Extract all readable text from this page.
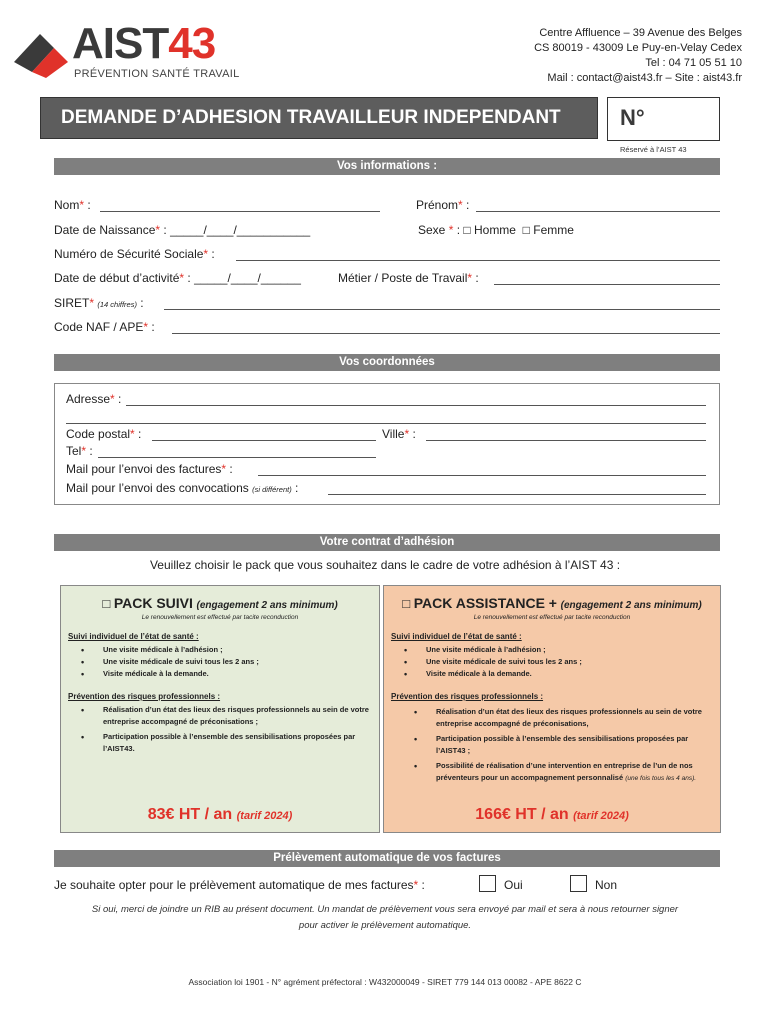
AIST43
PRÉVENTION SANTÉ TRAVAIL
Centre Affluence – 39 Avenue des Belges
CS 80019 - 43009 Le Puy-en-Velay Cedex
Tel : 04 71 05 51 10
Mail : contact@aist43.fr – Site : aist43.fr
DEMANDE D’ADHESION TRAVAILLEUR INDEPENDANT	N°
Réservé à l’AIST 43
Vos informations :
Nom* :	Prénom* :
Date de Naissance* : _____/____/___________	Sexe * : □ Homme □ Femme
Numéro de Sécurité Sociale* :
Date de début d’activité* : _____/____/______	Métier / Poste de Travail* :
SIRET* (14 chiffres) :
Code NAF / APE* :
Vos coordonnées
Adresse* :
Code postal* :	Ville* :
Tel* :
Mail pour l’envoi des factures* :
Mail pour l’envoi des convocations (si différent) :
Votre contrat d’adhésion
Veuillez choisir le pack que vous souhaitez dans le cadre de votre adhésion à l’AIST 43 :
□ PACK SUIVI (engagement 2 ans minimum)
Le renouvellement est effectué par tacite reconduction
Suivi individuel de l’état de santé :
• Une visite médicale à l’adhésion ;
• Une visite médicale de suivi tous les 2 ans ;
• Visite médicale à la demande.
Prévention des risques professionnels :
• Réalisation d’un état des lieux des risques professionnels au sein de votre entreprise accompagné de préconisations ;
• Participation possible à l’ensemble des sensibilisations proposées par l’AIST43.
83€ HT / an (tarif 2024)
□ PACK ASSISTANCE + (engagement 2 ans minimum)
Le renouvellement est effectué par tacite reconduction
Suivi individuel de l’état de santé :
• Une visite médicale à l’adhésion ;
• Une visite médicale de suivi tous les 2 ans ;
• Visite médicale à la demande.
Prévention des risques professionnels :
• Réalisation d’un état des lieux des risques professionnels au sein de votre entreprise accompagné de préconisations,
• Participation possible à l’ensemble des sensibilisations proposées par l’AIST43 ;
• Possibilité de réalisation d’une intervention en entreprise de l’un de nos préventeurs pour un accompagnement personnalisé (une fois tous les 4 ans).
166€ HT / an (tarif 2024)
Prélèvement automatique de vos factures
Je souhaite opter pour le prélèvement automatique de mes factures* :	Oui	Non
Si oui, merci de joindre un RIB au présent document. Un mandat de prélèvement vous sera envoyé par mail et sera à nous retourner signer
pour activer le prélèvement automatique.
Association loi 1901 - N° agrément préfectoral : W432000049 - SIRET 779 144 013 00082 - APE 8622 C
